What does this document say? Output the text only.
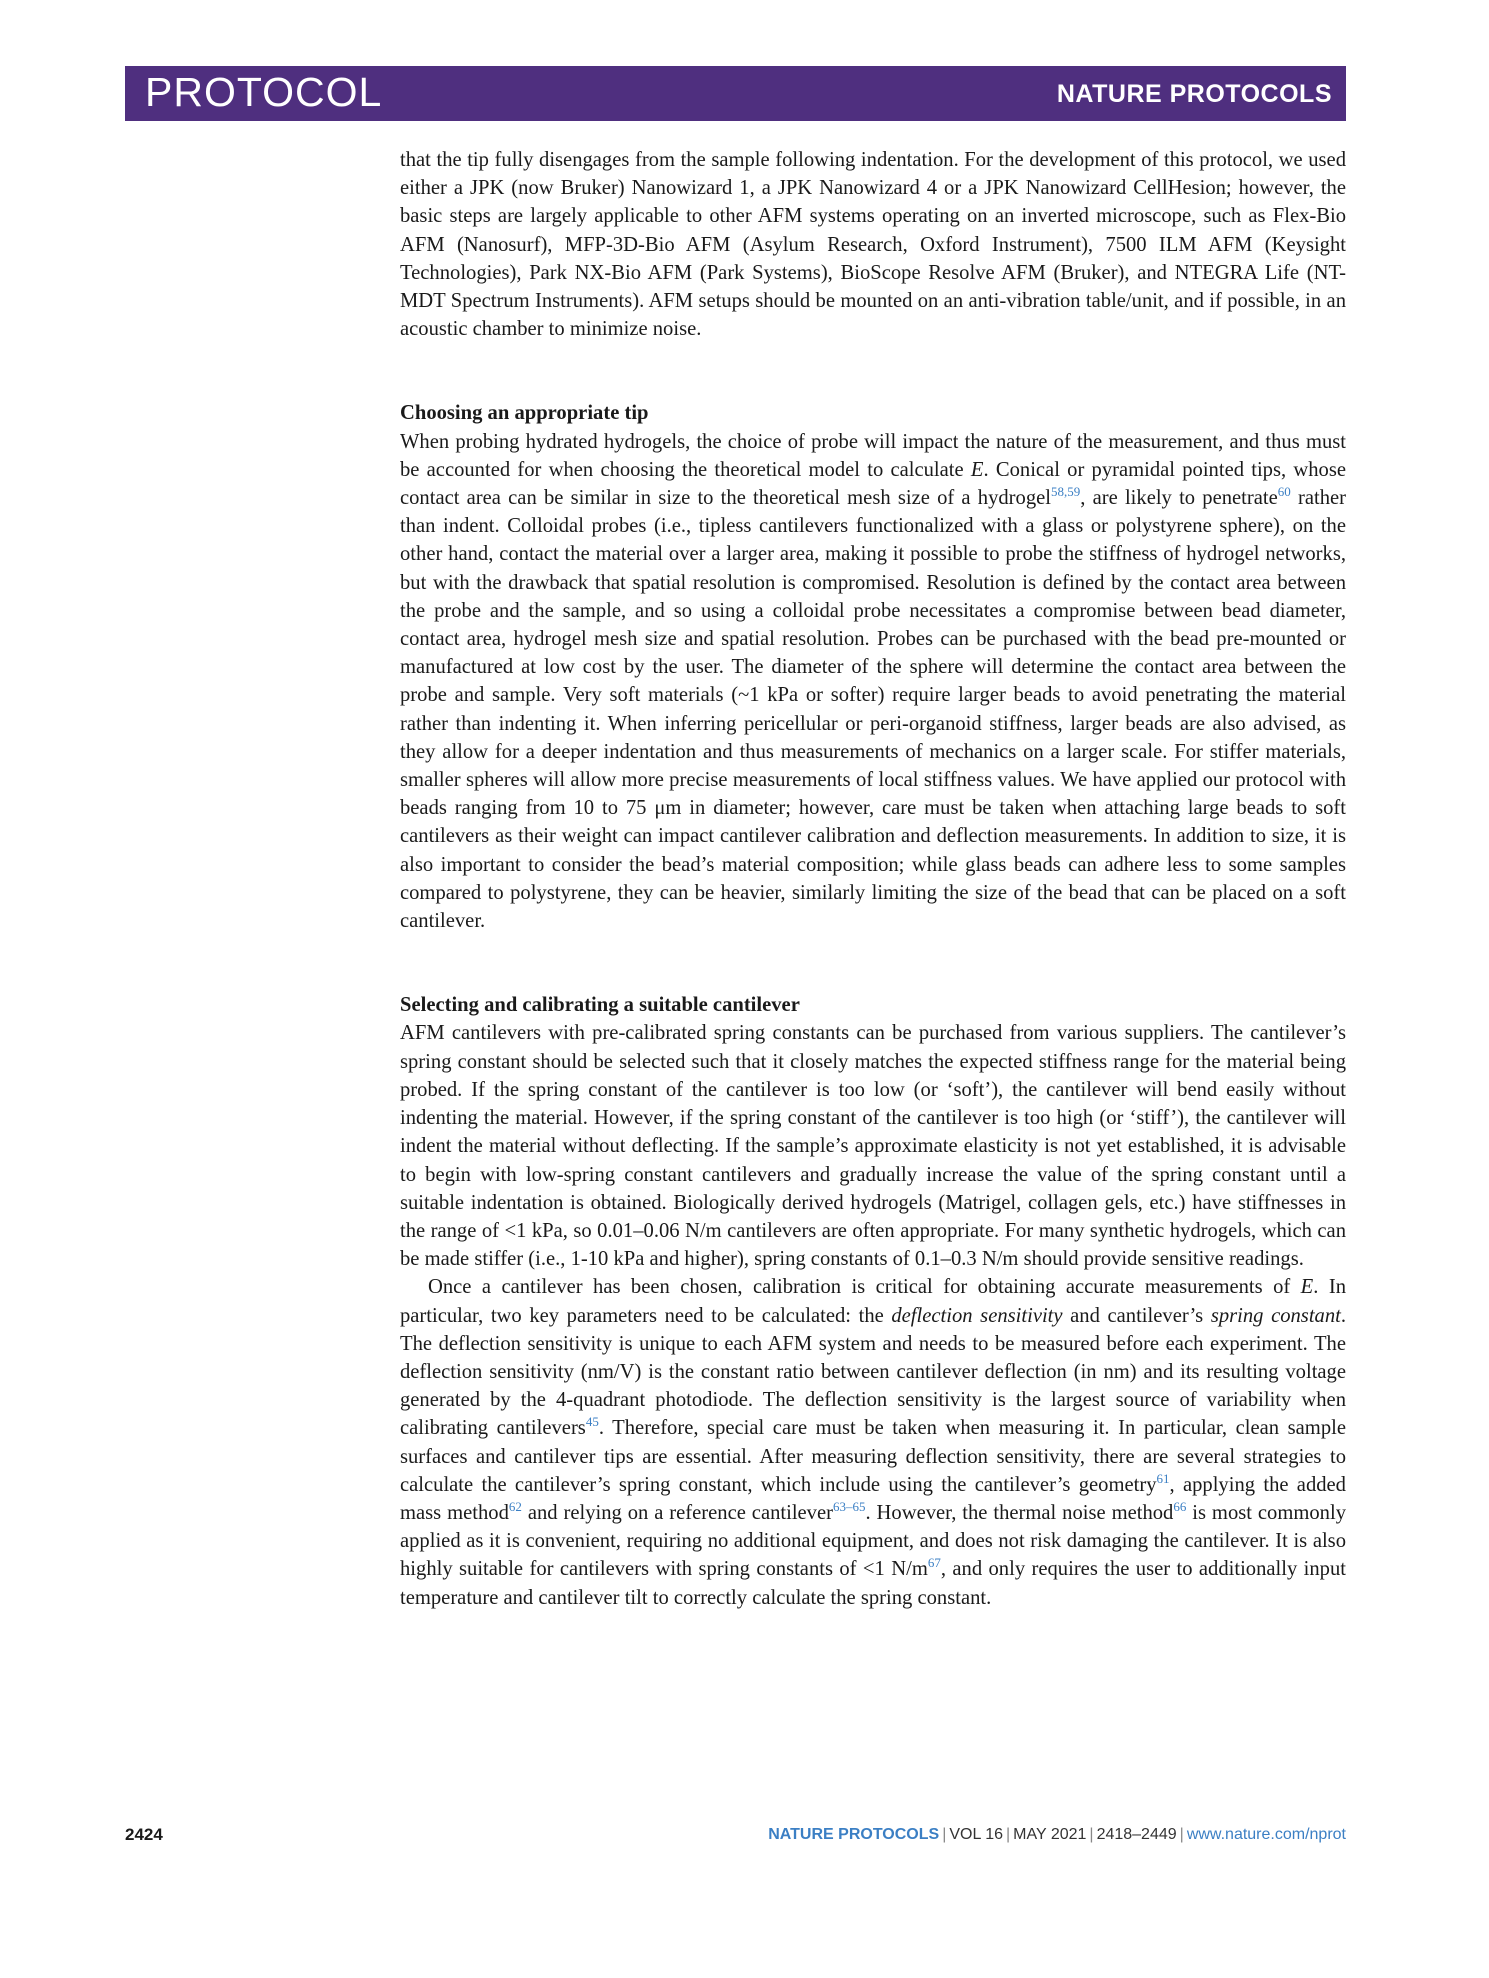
PROTOCOL	NATURE PROTOCOLS

that the tip fully disengages from the sample following indentation. For the development of this protocol, we used either a JPK (now Bruker) Nanowizard 1, a JPK Nanowizard 4 or a JPK Nanowizard CellHesion; however, the basic steps are largely applicable to other AFM systems operating on an inverted microscope, such as Flex-Bio AFM (Nanosurf), MFP-3D-Bio AFM (Asylum Research, Oxford Instrument), 7500 ILM AFM (Keysight Technologies), Park NX-Bio AFM (Park Systems), BioScope Resolve AFM (Bruker), and NTEGRA Life (NT-MDT Spectrum Instruments). AFM setups should be mounted on an anti-vibration table/unit, and if possible, in an acoustic chamber to minimize noise.

Choosing an appropriate tip

When probing hydrated hydrogels, the choice of probe will impact the nature of the measurement, and thus must be accounted for when choosing the theoretical model to calculate E. Conical or pyramidal pointed tips, whose contact area can be similar in size to the theoretical mesh size of a hydrogel$^{58,59}$, are likely to penetrate$^{60}$ rather than indent. Colloidal probes (i.e., tipless cantilevers functionalized with a glass or polystyrene sphere), on the other hand, contact the material over a larger area, making it possible to probe the stiffness of hydrogel networks, but with the drawback that spatial resolution is compromised. Resolution is defined by the contact area between the probe and the sample, and so using a colloidal probe necessitates a compromise between bead diameter, contact area, hydrogel mesh size and spatial resolution. Probes can be purchased with the bead pre-mounted or manufactured at low cost by the user. The diameter of the sphere will determine the contact area between the probe and sample. Very soft materials (~1 kPa or softer) require larger beads to avoid penetrating the material rather than indenting it. When inferring pericellular or peri-organoid stiffness, larger beads are also advised, as they allow for a deeper indentation and thus measurements of mechanics on a larger scale. For stiffer materials, smaller spheres will allow more precise measurements of local stiffness values. We have applied our protocol with beads ranging from 10 to 75 μm in diameter; however, care must be taken when attaching large beads to soft cantilevers as their weight can impact cantilever calibration and deflection measurements. In addition to size, it is also important to consider the bead’s material composition; while glass beads can adhere less to some samples compared to polystyrene, they can be heavier, similarly limiting the size of the bead that can be placed on a soft cantilever.

Selecting and calibrating a suitable cantilever

AFM cantilevers with pre-calibrated spring constants can be purchased from various suppliers. The cantilever’s spring constant should be selected such that it closely matches the expected stiffness range for the material being probed. If the spring constant of the cantilever is too low (or ‘soft’), the cantilever will bend easily without indenting the material. However, if the spring constant of the cantilever is too high (or ‘stiff’), the cantilever will indent the material without deflecting. If the sample’s approximate elasticity is not yet established, it is advisable to begin with low-spring constant cantilevers and gradually increase the value of the spring constant until a suitable indentation is obtained. Biologically derived hydrogels (Matrigel, collagen gels, etc.) have stiffnesses in the range of <1 kPa, so 0.01–0.06 N/m cantilevers are often appropriate. For many synthetic hydrogels, which can be made stiffer (i.e., 1-10 kPa and higher), spring constants of 0.1–0.3 N/m should provide sensitive readings.

Once a cantilever has been chosen, calibration is critical for obtaining accurate measurements of E. In particular, two key parameters need to be calculated: the deflection sensitivity and cantilever’s spring constant. The deflection sensitivity is unique to each AFM system and needs to be measured before each experiment. The deflection sensitivity (nm/V) is the constant ratio between cantilever deflection (in nm) and its resulting voltage generated by the 4-quadrant photodiode. The deflection sensitivity is the largest source of variability when calibrating cantilevers$^{45}$. Therefore, special care must be taken when measuring it. In particular, clean sample surfaces and cantilever tips are essential. After measuring deflection sensitivity, there are several strategies to calculate the cantilever’s spring constant, which include using the cantilever’s geometry$^{61}$, applying the added mass method$^{62}$ and relying on a reference cantilever$^{63-65}$. However, the thermal noise method$^{66}$ is most commonly applied as it is convenient, requiring no additional equipment, and does not risk damaging the cantilever. It is also highly suitable for cantilevers with spring constants of <1 $N/m^{67}$, and only requires the user to additionally input temperature and cantilever tilt to correctly calculate the spring constant.

2424	NATURE PROTOCOLS | VOL 16 | MAY 2021 | 2418–2449 | www.nature.com/nprot
